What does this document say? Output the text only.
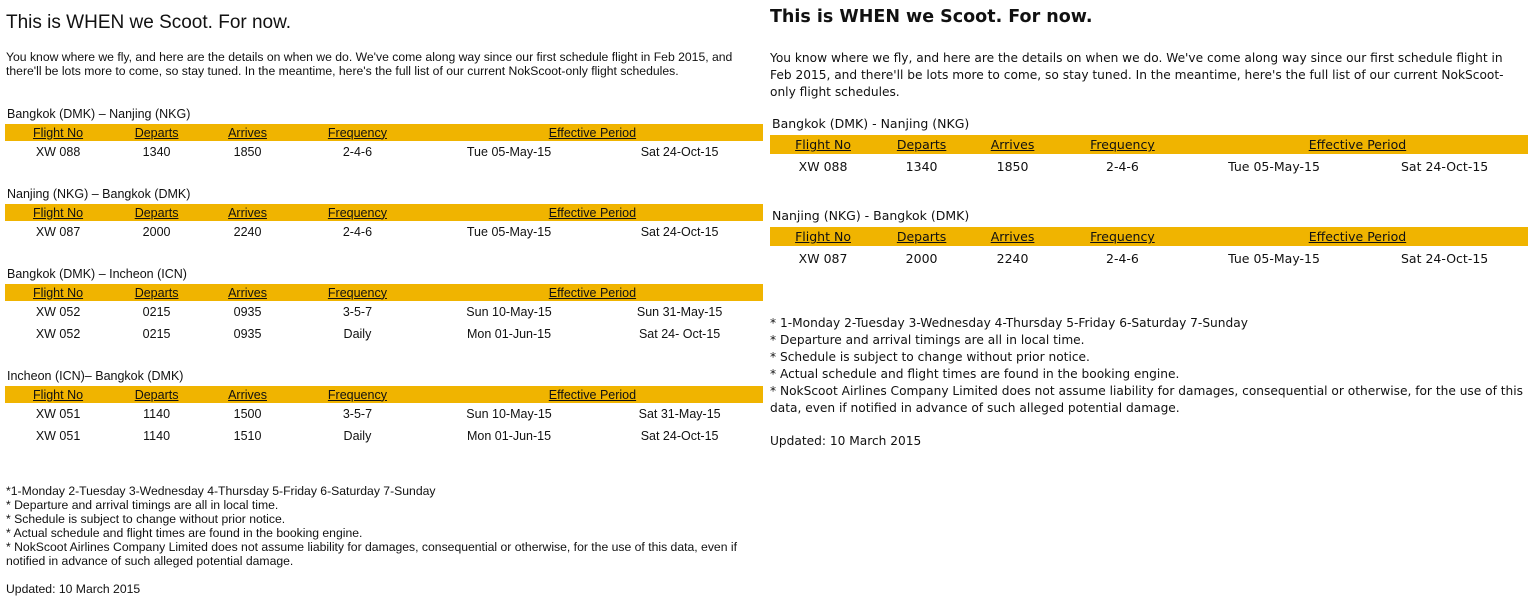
This is WHEN we Scoot. For now.

You know where we fly, and here are the details on when we do. We've come along way since our first schedule flight in Feb 2015, and there'll be lots more to come, so stay tuned. In the meantime, here's the full list of our current NokScoot-only flight schedules.

Bangkok (DMK) – Nanjing (NKG)
Flight No	Departs	Arrives	Frequency	Effective Period	
XW 088	1340	1850	2-4-6	Tue 05-May-15	Sat 24-Oct-15
Nanjing (NKG) – Bangkok (DMK)
Flight No	Departs	Arrives	Frequency	Effective Period	
XW 087	2000	2240	2-4-6	Tue 05-May-15	Sat 24-Oct-15
Bangkok (DMK) – Incheon (ICN)
Flight No	Departs	Arrives	Frequency	Effective Period	
XW 052	0215	0935	3-5-7	Sun 10-May-15	Sun 31-May-15
XW 052	0215	0935	Daily	Mon 01-Jun-15	Sat 24- Oct-15
Incheon (ICN)– Bangkok (DMK)
Flight No	Departs	Arrives	Frequency	Effective Period	
XW 051	1140	1500	3-5-7	Sun 10-May-15	Sat 31-May-15
XW 051	1140	1510	Daily	Mon 01-Jun-15	Sat 24-Oct-15
*1-Monday 2-Tuesday 3-Wednesday 4-Thursday 5-Friday 6-Saturday 7-Sunday
* Departure and arrival timings are all in local time.
* Schedule is subject to change without prior notice.
* Actual schedule and flight times are found in the booking engine.
* NokScoot Airlines Company Limited does not assume liability for damages, consequential or otherwise, for the use of this data, even if notified in advance of such alleged potential damage.

Updated: 10 March 2015

This is WHEN we Scoot. For now.

You know where we fly, and here are the details on when we do. We've come along way since our first schedule flight in Feb 2015, and there'll be lots more to come, so stay tuned. In the meantime, here's the full list of our current NokScoot-only flight schedules.

Bangkok (DMK) - Nanjing (NKG)
Flight No	Departs	Arrives	Frequency	Effective Period	
XW 088	1340	1850	2-4-6	Tue 05-May-15	Sat 24-Oct-15
Nanjing (NKG) - Bangkok (DMK)
Flight No	Departs	Arrives	Frequency	Effective Period	
XW 087	2000	2240	2-4-6	Tue 05-May-15	Sat 24-Oct-15
* 1-Monday 2-Tuesday 3-Wednesday 4-Thursday 5-Friday 6-Saturday 7-Sunday
* Departure and arrival timings are all in local time.
* Schedule is subject to change without prior notice.
* Actual schedule and flight times are found in the booking engine.
* NokScoot Airlines Company Limited does not assume liability for damages, consequential or otherwise, for the use of this data, even if notified in advance of such alleged potential damage.

Updated: 10 March 2015
